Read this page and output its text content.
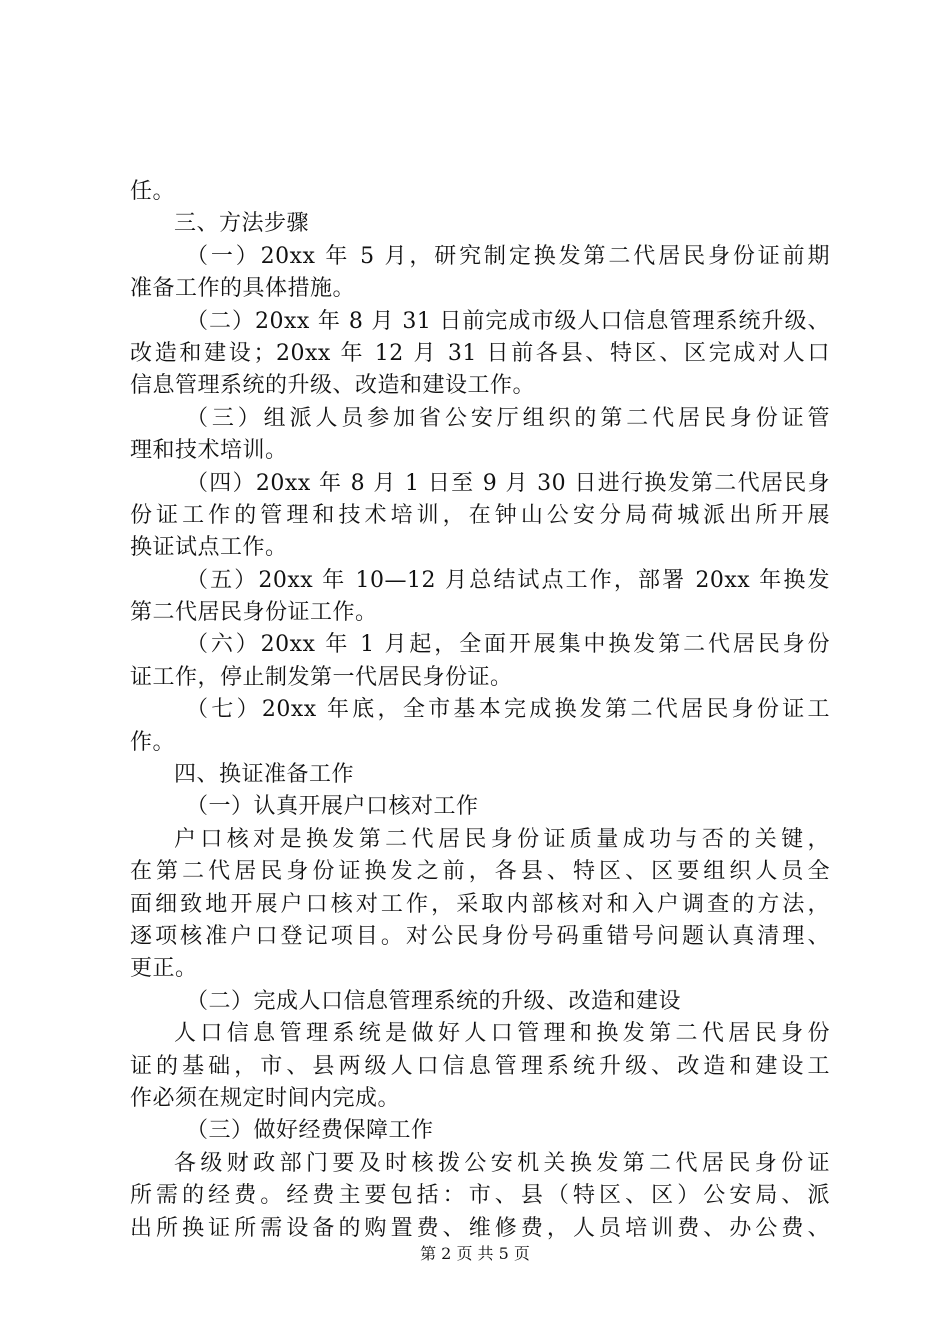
任。
三、方法步骤
（一）20xx 年 5 月，研究制定换发第二代居民身份证前期
准备工作的具体措施。
（二）20xx 年 8 月 31 日前完成市级人口信息管理系统升级、
改造和建设；20xx 年 12 月 31 日前各县、特区、区完成对人口
信息管理系统的升级、改造和建设工作。
（三）组派人员参加省公安厅组织的第二代居民身份证管
理和技术培训。
（四）20xx 年 8 月 1 日至 9 月 30 日进行换发第二代居民身
份证工作的管理和技术培训，在钟山公安分局荷城派出所开展
换证试点工作。
（五）20xx 年 10—12 月总结试点工作，部署 20xx 年换发
第二代居民身份证工作。
（六）20xx 年 1 月起，全面开展集中换发第二代居民身份
证工作，停止制发第一代居民身份证。
（七）20xx 年底，全市基本完成换发第二代居民身份证工
作。
四、换证准备工作
（一）认真开展户口核对工作
户口核对是换发第二代居民身份证质量成功与否的关键，
在第二代居民身份证换发之前，各县、特区、区要组织人员全
面细致地开展户口核对工作，采取内部核对和入户调查的方法，
逐项核准户口登记项目。对公民身份号码重错号问题认真清理、
更正。
（二）完成人口信息管理系统的升级、改造和建设
人口信息管理系统是做好人口管理和换发第二代居民身份
证的基础，市、县两级人口信息管理系统升级、改造和建设工
作必须在规定时间内完成。
（三）做好经费保障工作
各级财政部门要及时核拨公安机关换发第二代居民身份证
所需的经费。经费主要包括：市、县（特区、区）公安局、派
出所换证所需设备的购置费、维修费，人员培训费、办公费、
第 2 页 共 5 页
